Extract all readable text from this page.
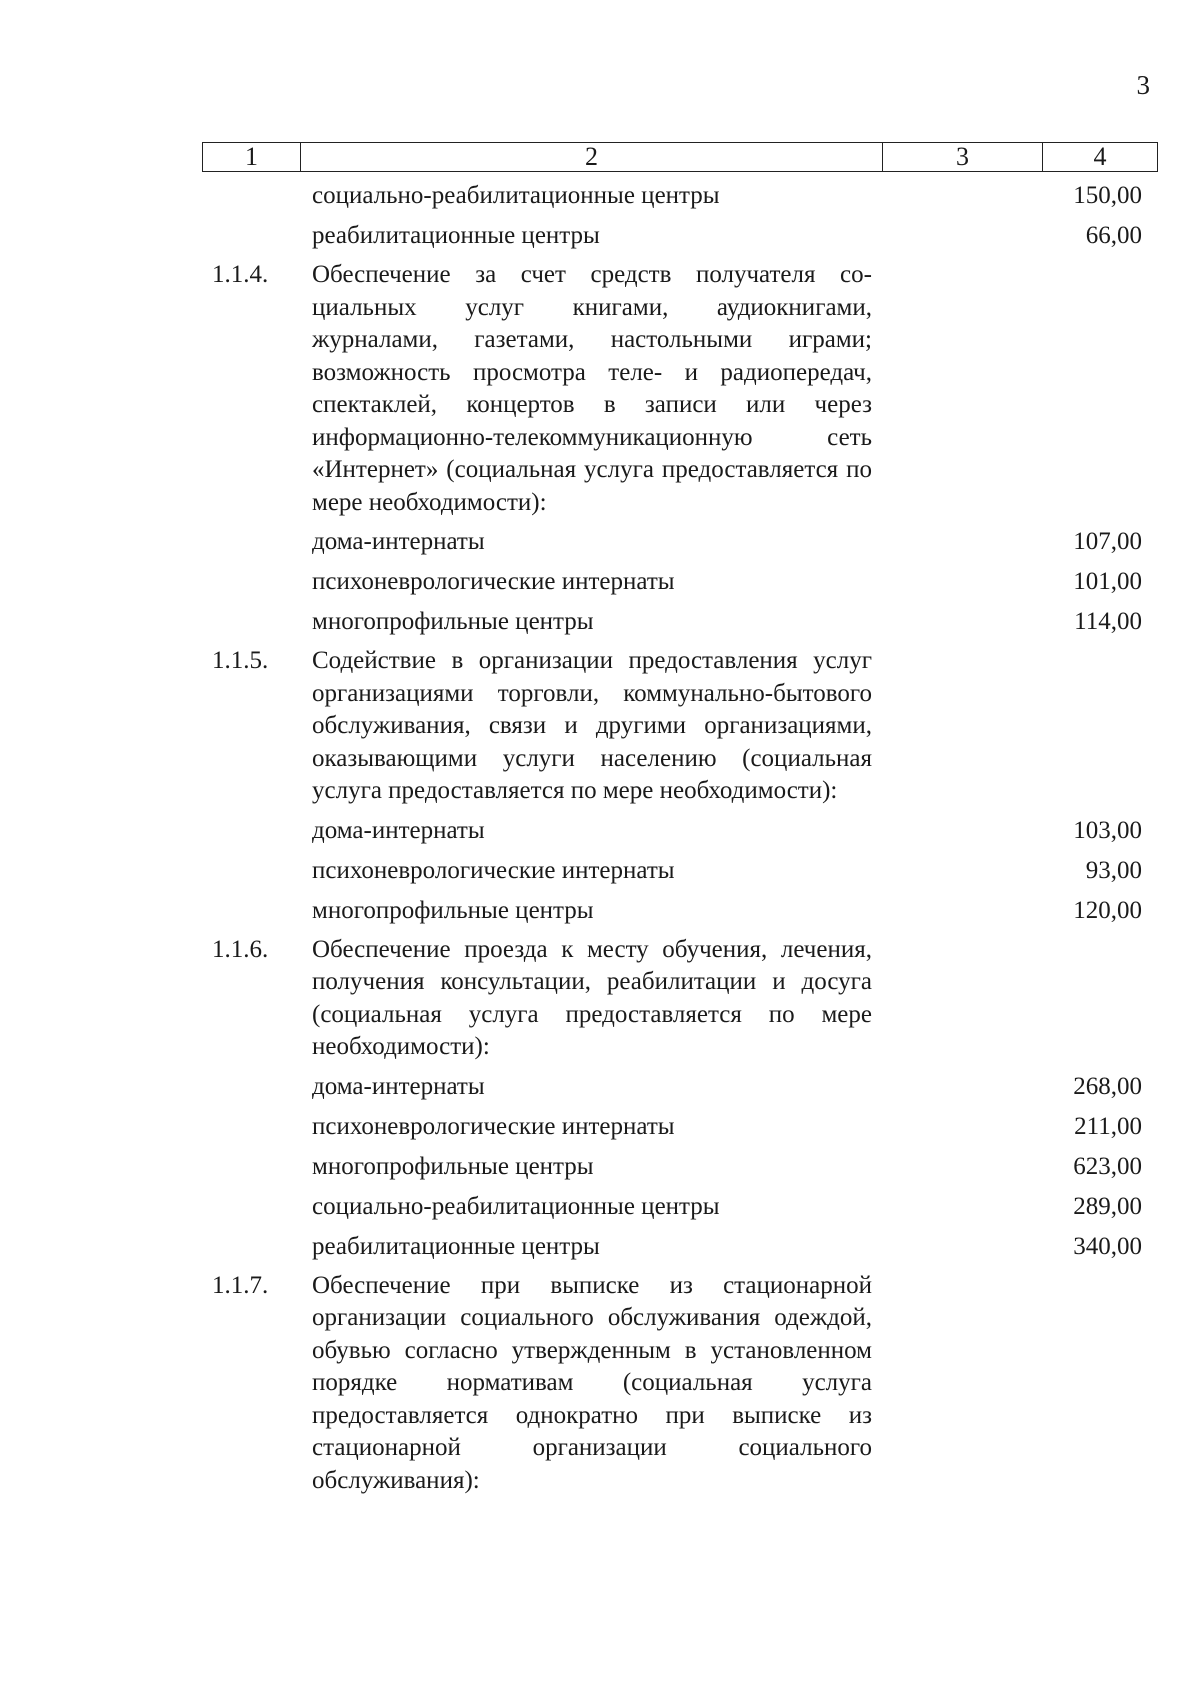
3
1	2	3	4
социально-реабилитационные центры	150,00
реабилитационные центры	66,00
1.1.4. Обеспечение за счет средств получателя социальных услуг книгами, аудиокнигами, журналами, газетами, настольными играми; возможность просмотра теле- и радиопередач, спектаклей, концертов в записи или через информационно-телекоммуникационную сеть «Интернет» (социальная услуга предоставляется по мере необходимости):
дома-интернаты	107,00
психоневрологические интернаты	101,00
многопрофильные центры	114,00
1.1.5. Содействие в организации предоставления услуг организациями торговли, коммунально-бытового обслуживания, связи и другими организациями, оказывающими услуги населению (социальная услуга предоставляется по мере необходимости):
дома-интернаты	103,00
психоневрологические интернаты	93,00
многопрофильные центры	120,00
1.1.6. Обеспечение проезда к месту обучения, лечения, получения консультации, реабилитации и досуга (социальная услуга предоставляется по мере необходимости):
дома-интернаты	268,00
психоневрологические интернаты	211,00
многопрофильные центры	623,00
социально-реабилитационные центры	289,00
реабилитационные центры	340,00
1.1.7. Обеспечение при выписке из стационарной организации социального обслуживания одеждой, обувью согласно утвержденным в установленном порядке нормативам (социальная услуга предоставляется однократно при выписке из стационарной организации социального обслуживания):
